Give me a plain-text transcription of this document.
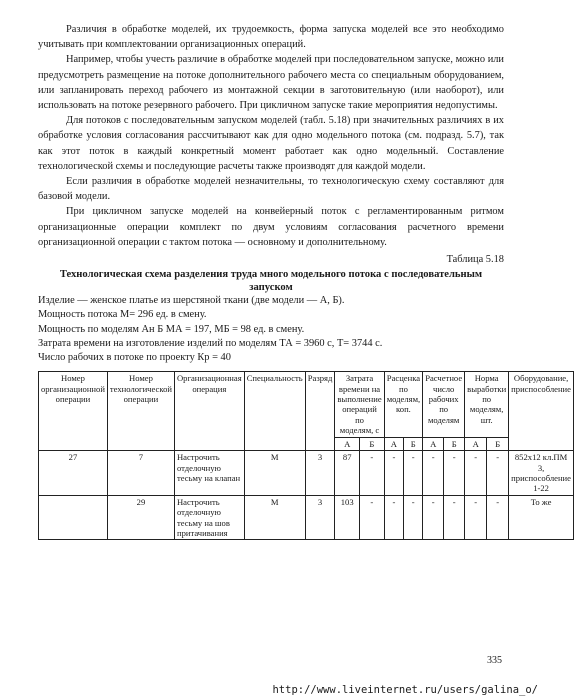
Различия в обработке моделей, их трудоемкость, форма запуска моделей все это необходимо учитывать при комплектовании организационных операций.

Например, чтобы учесть различие в обработке моделей при последовательном запуске, можно или предусмотреть размещение на потоке дополнительного рабочего места со специальным оборудованием, или запланировать переход рабочего из монтажной секции в заготовительную (или наоборот), или использовать на потоке резервного рабочего. При цикличном запуске такие мероприятия недопустимы.

Для потоков с последовательным запуском моделей (табл. 5.18) при значительных различиях в их обработке условия согласования рассчитывают как для одно модельного потока (см. подразд. 5.7), так как этот поток в каждый конкретный момент работает как одно модельный. Составление технологической схемы и последующие расчеты также производят для каждой модели.

Если различия в обработке моделей незначительны, то технологическую схему составляют для базовой модели.

При цикличном запуске моделей на конвейерный поток с регламентированным ритмом организационные операции комплект по двум условиям согласования расчетного времени организационной операции с тактом потока — основному и дополнительному.

Таблица 5.18

Технологическая схема разделения труда много модельного потока с последовательным запуском

Изделие — женское платье из шерстяной ткани (две модели — А, Б).

Мощность потока М= 296 ед. в смену.

Мощность по моделям Ан Б МА = 197, МБ = 98 ед. в смену.

Затрата времени на изготовление изделий по моделям ТА = 3960 с, Т= 3744 с.

Число рабочих в потоке по проекту Кр = 40

Номер организационной операции	Номер технологической операции	Организационная операция	Специальность	Разряд	Затрата времени на выполнение операций по моделям, с		Расценка по моделям, коп.		Расчетное число рабочих по моделям		Норма выработки по моделям, шт.		Оборудование, приспособление
					А	Б	А	Б	А	Б	А	Б	
27	7	Настрочить отделочную тесьму на клапан	М	3	87	-	-	-	-	-	-	-	852х12 кл.ПМ 3, приспособление 1-22
	29	Настрочить отделочную тесьму на шов притачивания	М	3	103	-	-	-	-	-	-	-	То же
335
http://www.liveinternet.ru/users/galina_o/
